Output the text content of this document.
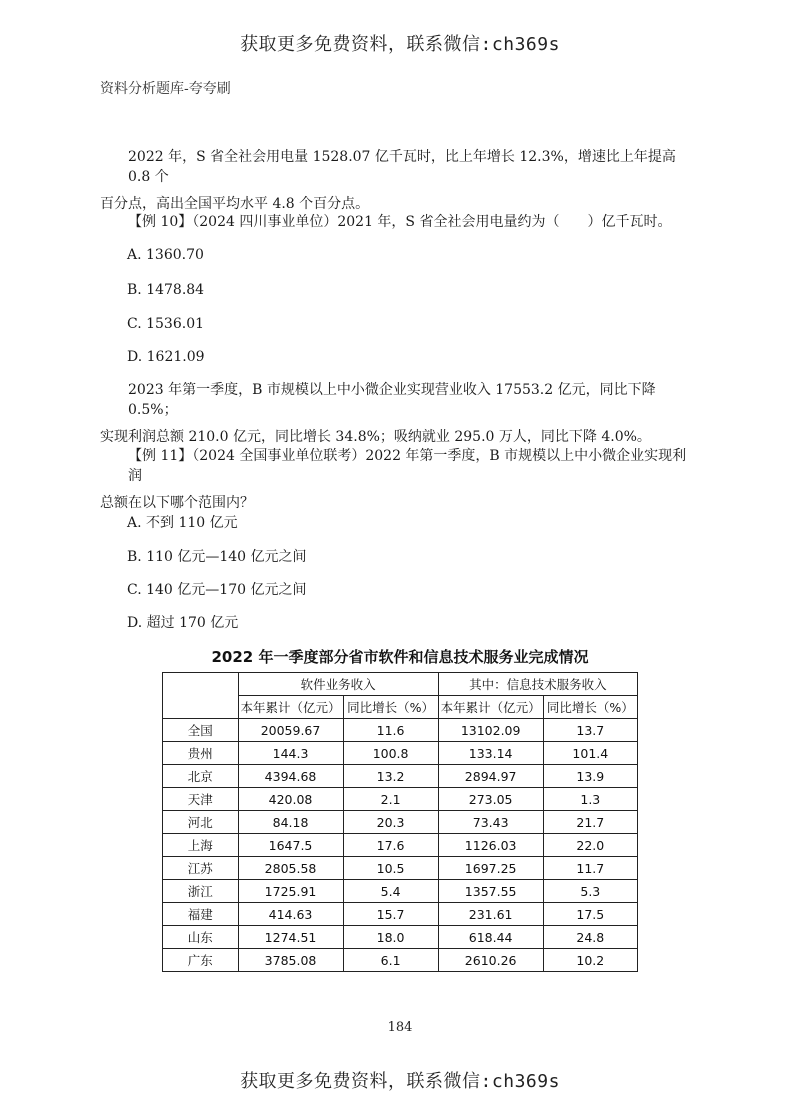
获取更多免费资料，联系微信:ch369s
资料分析题库-夸夸刷
2022 年，S 省全社会用电量 1528.07 亿千瓦时，比上年增长 12.3%，增速比上年提高 0.8 个
百分点，高出全国平均水平 4.8 个百分点。
【例 10】（2024 四川事业单位）2021 年，S 省全社会用电量约为（　　）亿千瓦时。
A. 1360.70
B. 1478.84
C. 1536.01
D. 1621.09
2023 年第一季度，B 市规模以上中小微企业实现营业收入 17553.2 亿元，同比下降 0.5%；
实现利润总额 210.0 亿元，同比增长 34.8%；吸纳就业 295.0 万人，同比下降 4.0%。
【例 11】（2024 全国事业单位联考）2022 年第一季度，B 市规模以上中小微企业实现利润
总额在以下哪个范围内？
A. 不到 110 亿元
B. 110 亿元—140 亿元之间
C. 140 亿元—170 亿元之间
D. 超过 170 亿元
2022 年一季度部分省市软件和信息技术服务业完成情况
	软件业务收入		其中：信息技术服务收入	
	本年累计（亿元）	同比增长（%）	本年累计（亿元）	同比增长（%）
全国	20059.67	11.6	13102.09	13.7
贵州	144.3	100.8	133.14	101.4
北京	4394.68	13.2	2894.97	13.9
天津	420.08	2.1	273.05	1.3
河北	84.18	20.3	73.43	21.7
上海	1647.5	17.6	1126.03	22.0
江苏	2805.58	10.5	1697.25	11.7
浙江	1725.91	5.4	1357.55	5.3
福建	414.63	15.7	231.61	17.5
山东	1274.51	18.0	618.44	24.8
广东	3785.08	6.1	2610.26	10.2
184
获取更多免费资料，联系微信:ch369s
